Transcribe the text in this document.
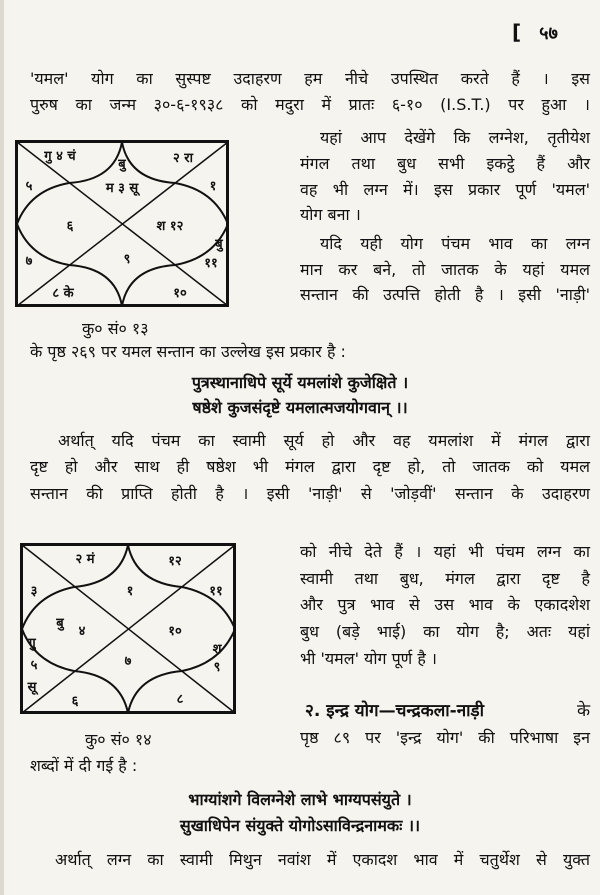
[ ५७
'यमल' योग का सुस्पष्ट उदाहरण हम नीचे उपस्थित करते हैं । इस
पुरुष का जन्म ३०-६-१९३८ को मदुरा में प्रातः ६-१० (I.S.T.) पर हुआ ।
बु
म ३ सू
गु ४ चं
५
६
७
८ के
९
१०
बु
११
श १२
१
२ रा
कु० सं० १३
यहां आप देखेंगे कि लग्नेश, तृतीयेश
मंगल तथा बुध सभी इकट्ठे हैं और
वह भी लग्न में। इस प्रकार पूर्ण 'यमल'
योग बना ।
यदि यही योग पंचम भाव का लग्न
मान कर बने, तो जातक के यहां यमल
सन्तान की उत्पत्ति होती है । इसी 'नाड़ी'
के पृष्ठ २६९ पर यमल सन्तान का उल्लेख इस प्रकार है :
पुत्रस्थानाधिपे सूर्ये यमलांशे कुजेक्षिते ।
षष्ठेशे कुजसंदृष्टे यमलात्मजयोगवान् ।।
अर्थात् यदि पंचम का स्वामी सूर्य हो और वह यमलांश में मंगल द्वारा
दृष्ट हो और साथ ही षष्ठेश भी मंगल द्वारा दृष्ट हो, तो जातक को यमल
सन्तान की प्राप्ति होती है । इसी 'नाड़ी' से 'जोड़वीं' सन्तान के उदाहरण
को नीचे देते हैं । यहां भी पंचम लग्न का
स्वामी तथा बुध, मंगल द्वारा दृष्ट है
और पुत्र भाव से उस भाव के एकादशेश
बुध (बड़े भाई) का योग है; अतः यहां
भी 'यमल' योग पूर्ण है ।
१
२ मं
३
बु
४
गु
५
सू
६
७
८
श
९
१०
११
१२
कु० सं० १४
२. इन्द्र योग—चन्द्रकला-नाड़ी	के
पृष्ठ ८९ पर 'इन्द्र योग' की परिभाषा इन
शब्दों में दी गई है :
भाग्यांशगे विलग्नेशे लाभे भाग्यपसंयुते ।
सुखाधिपेन संयुक्ते योगोऽसाविन्द्रनामकः ।।
अर्थात् लग्न का स्वामी मिथुन नवांश में एकादश भाव में चतुर्थेश से युक्त
